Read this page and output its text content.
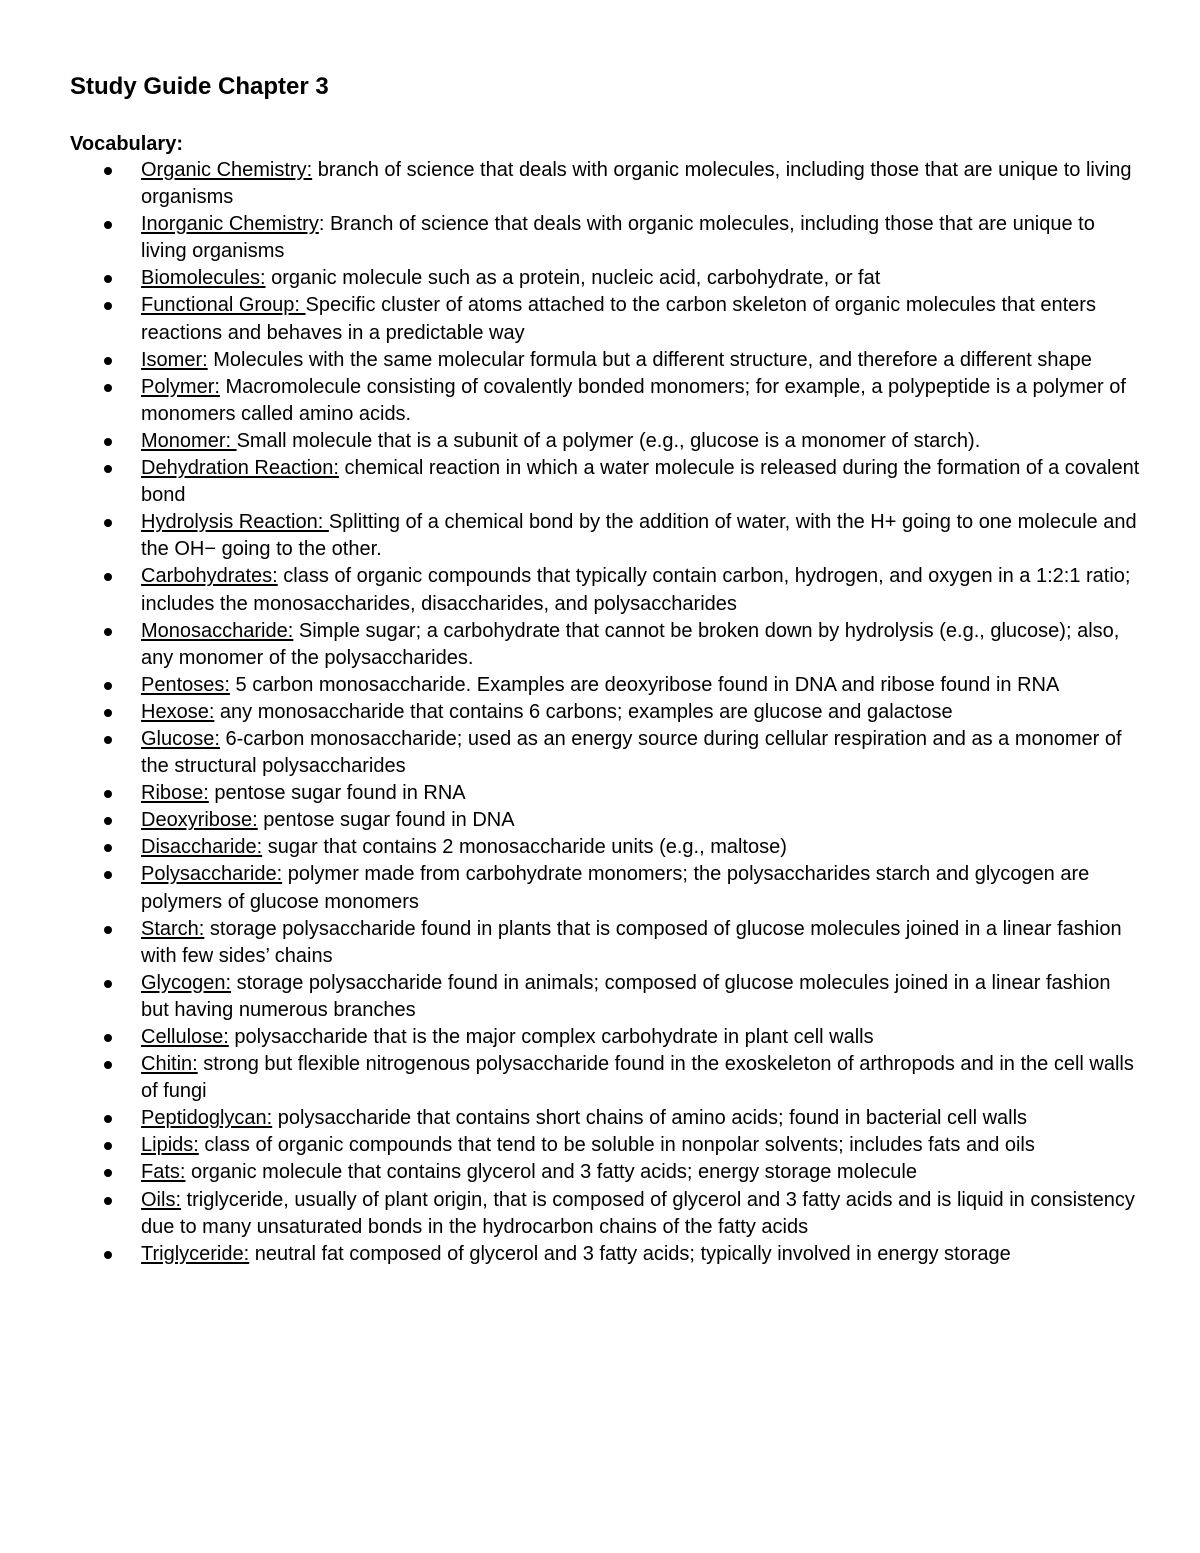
Study Guide Chapter 3
Vocabulary:
Organic Chemistry: branch of science that deals with organic molecules, including those that are unique to living organisms
Inorganic Chemistry: Branch of science that deals with organic molecules, including those that are unique to living organisms
Biomolecules: organic molecule such as a protein, nucleic acid, carbohydrate, or fat
Functional Group: Specific cluster of atoms attached to the carbon skeleton of organic molecules that enters reactions and behaves in a predictable way
Isomer: Molecules with the same molecular formula but a different structure, and therefore a different shape
Polymer: Macromolecule consisting of covalently bonded monomers; for example, a polypeptide is a polymer of monomers called amino acids.
Monomer: Small molecule that is a subunit of a polymer (e.g., glucose is a monomer of starch).
Dehydration Reaction: chemical reaction in which a water molecule is released during the formation of a covalent bond
Hydrolysis Reaction: Splitting of a chemical bond by the addition of water, with the H+ going to one molecule and the OH− going to the other.
Carbohydrates: class of organic compounds that typically contain carbon, hydrogen, and oxygen in a 1:2:1 ratio; includes the monosaccharides, disaccharides, and polysaccharides
Monosaccharide: Simple sugar; a carbohydrate that cannot be broken down by hydrolysis (e.g., glucose); also, any monomer of the polysaccharides.
Pentoses: 5 carbon monosaccharide. Examples are deoxyribose found in DNA and ribose found in RNA
Hexose: any monosaccharide that contains 6 carbons; examples are glucose and galactose
Glucose: 6-carbon monosaccharide; used as an energy source during cellular respiration and as a monomer of the structural polysaccharides
Ribose: pentose sugar found in RNA
Deoxyribose: pentose sugar found in DNA
Disaccharide: sugar that contains 2 monosaccharide units (e.g., maltose)
Polysaccharide: polymer made from carbohydrate monomers; the polysaccharides starch and glycogen are polymers of glucose monomers
Starch: storage polysaccharide found in plants that is composed of glucose molecules joined in a linear fashion with few sides’ chains
Glycogen: storage polysaccharide found in animals; composed of glucose molecules joined in a linear fashion but having numerous branches
Cellulose: polysaccharide that is the major complex carbohydrate in plant cell walls
Chitin: strong but flexible nitrogenous polysaccharide found in the exoskeleton of arthropods and in the cell walls of fungi
Peptidoglycan: polysaccharide that contains short chains of amino acids; found in bacterial cell walls
Lipids: class of organic compounds that tend to be soluble in nonpolar solvents; includes fats and oils
Fats: organic molecule that contains glycerol and 3 fatty acids; energy storage molecule
Oils: triglyceride, usually of plant origin, that is composed of glycerol and 3 fatty acids and is liquid in consistency due to many unsaturated bonds in the hydrocarbon chains of the fatty acids
Triglyceride: neutral fat composed of glycerol and 3 fatty acids; typically involved in energy storage
